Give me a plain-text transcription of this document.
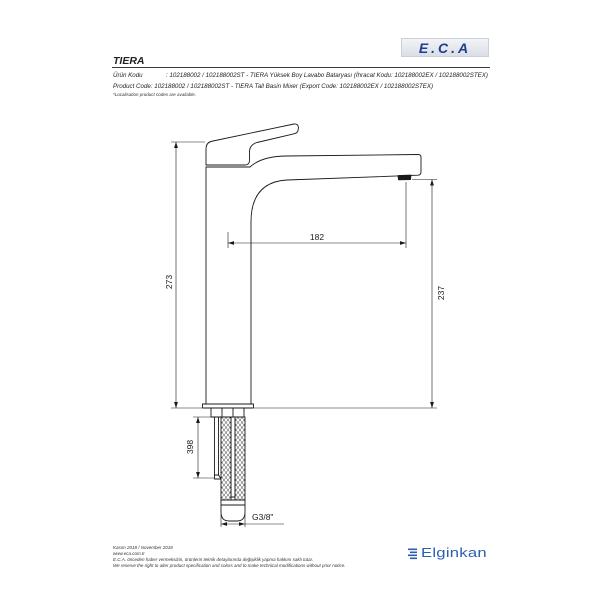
273
182
237
398
G3/8"
E.C.A
TIERA
Ürün Kodu	: 102188002 / 102188002ST - TIERA Yüksek Boy Lavabo Bataryası (İhracat Kodu: 102188002EX / 102188002STEX)
Product Code: 102188002 / 102188002ST - TIERA Tall Basin Mixer (Export Code: 102188002EX / 102188002STEX)
*Localisation product codes are available.
Kasım 2018 / November 2018
www.eca.com.tr
E.C.A. önceden haber vermeksizin, ürünlerin teknik detaylarında değişiklik yapma hakkını saklı tutar.
We reserve the right to alter product specification and colors and to make technical modifications without prior notice.
Elginkan
